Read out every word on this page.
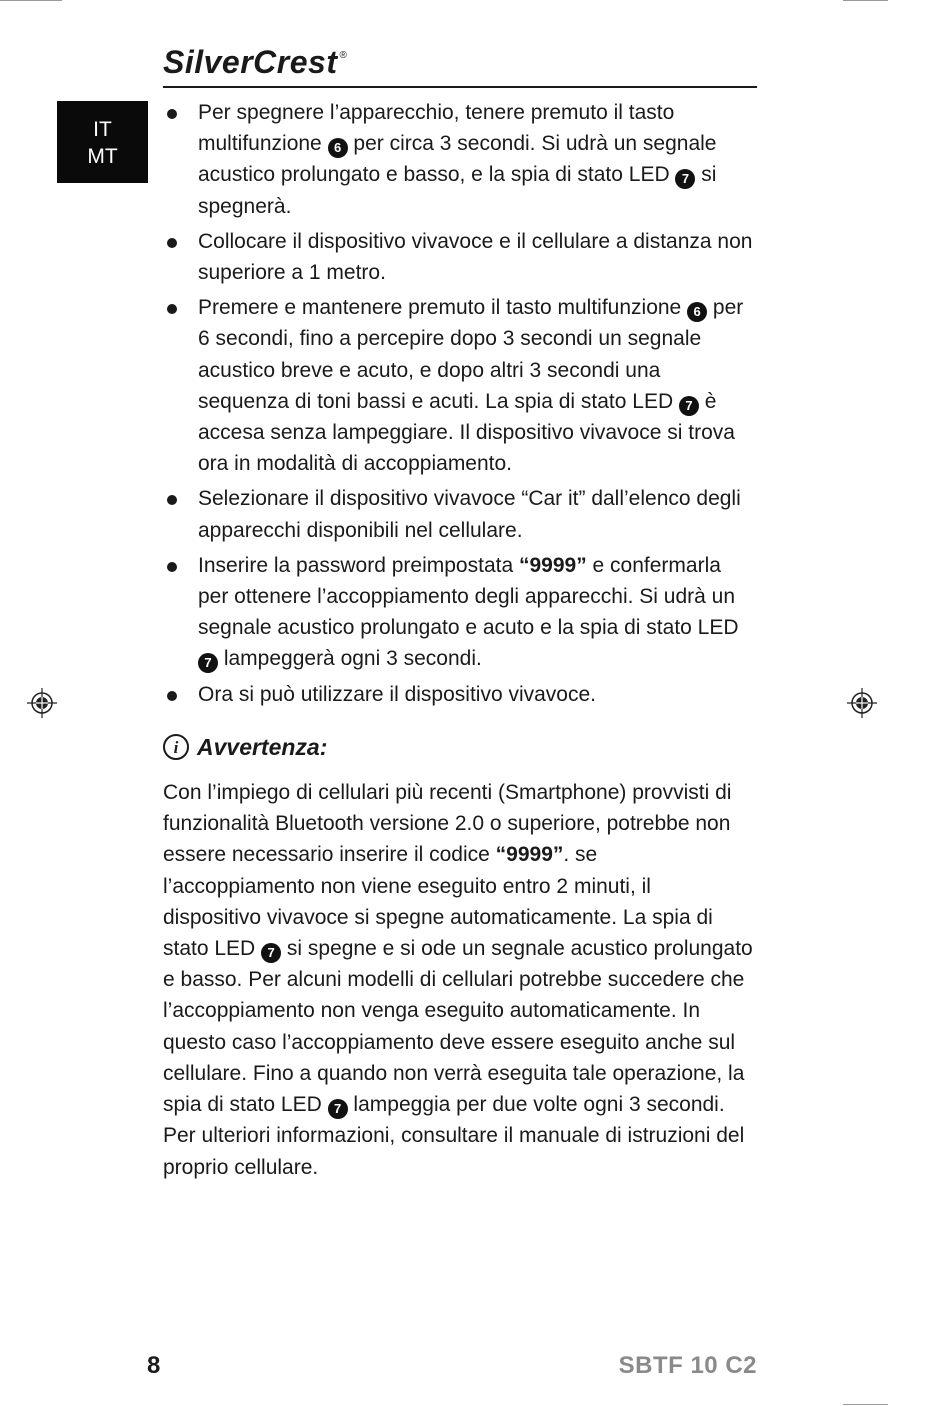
SilverCrest ®
IT
MT
Per spegnere l’apparecchio, tenere premuto il tasto multifunzione 6 per circa 3 secondi. Si udrà un segnale acustico prolungato e basso, e la spia di stato LED 7 si spegnerà.
Collocare il dispositivo vivavoce e il cellulare a distanza non superiore a 1 metro.
Premere e mantenere premuto il tasto multifunzione 6 per 6 secondi, fino a percepire dopo 3 secondi un segnale acustico breve e acuto, e dopo altri 3 secondi una sequenza di toni bassi e acuti. La spia di stato LED 7 è accesa senza lampeggiare. Il dispositivo vivavoce si trova ora in modalità di accoppiamento.
Selezionare il dispositivo vivavoce “Car it” dall’elenco degli apparecchi disponibili nel cellulare.
Inserire la password preimpostata “9999” e confermarla per ottenere l’accoppiamento degli apparecchi. Si udrà un segnale acustico prolungato e acuto e la spia di stato LED 7 lampeggerà ogni 3 secondi.
Ora si può utilizzare il dispositivo vivavoce.
i Avvertenza:
Con l’impiego di cellulari più recenti (Smartphone) provvisti di funzionalità Bluetooth versione 2.0 o superiore, potrebbe non essere necessario inserire il codice “9999”. se l’accoppiamento non viene eseguito entro 2 minuti, il dispositivo vivavoce si spegne automaticamente. La spia di stato LED 7 si spegne e si ode un segnale acustico prolungato e basso. Per alcuni modelli di cellulari potrebbe succedere che l’accoppiamento non venga eseguito automaticamente. In questo caso l’accoppiamento deve essere eseguito anche sul cellulare. Fino a quando non verrà eseguita tale operazione, la spia di stato LED 7 lampeggia per due volte ogni 3 secondi. Per ulteriori informazioni, consultare il manuale di istruzioni del proprio cellulare.
8	SBTF 10 C2
